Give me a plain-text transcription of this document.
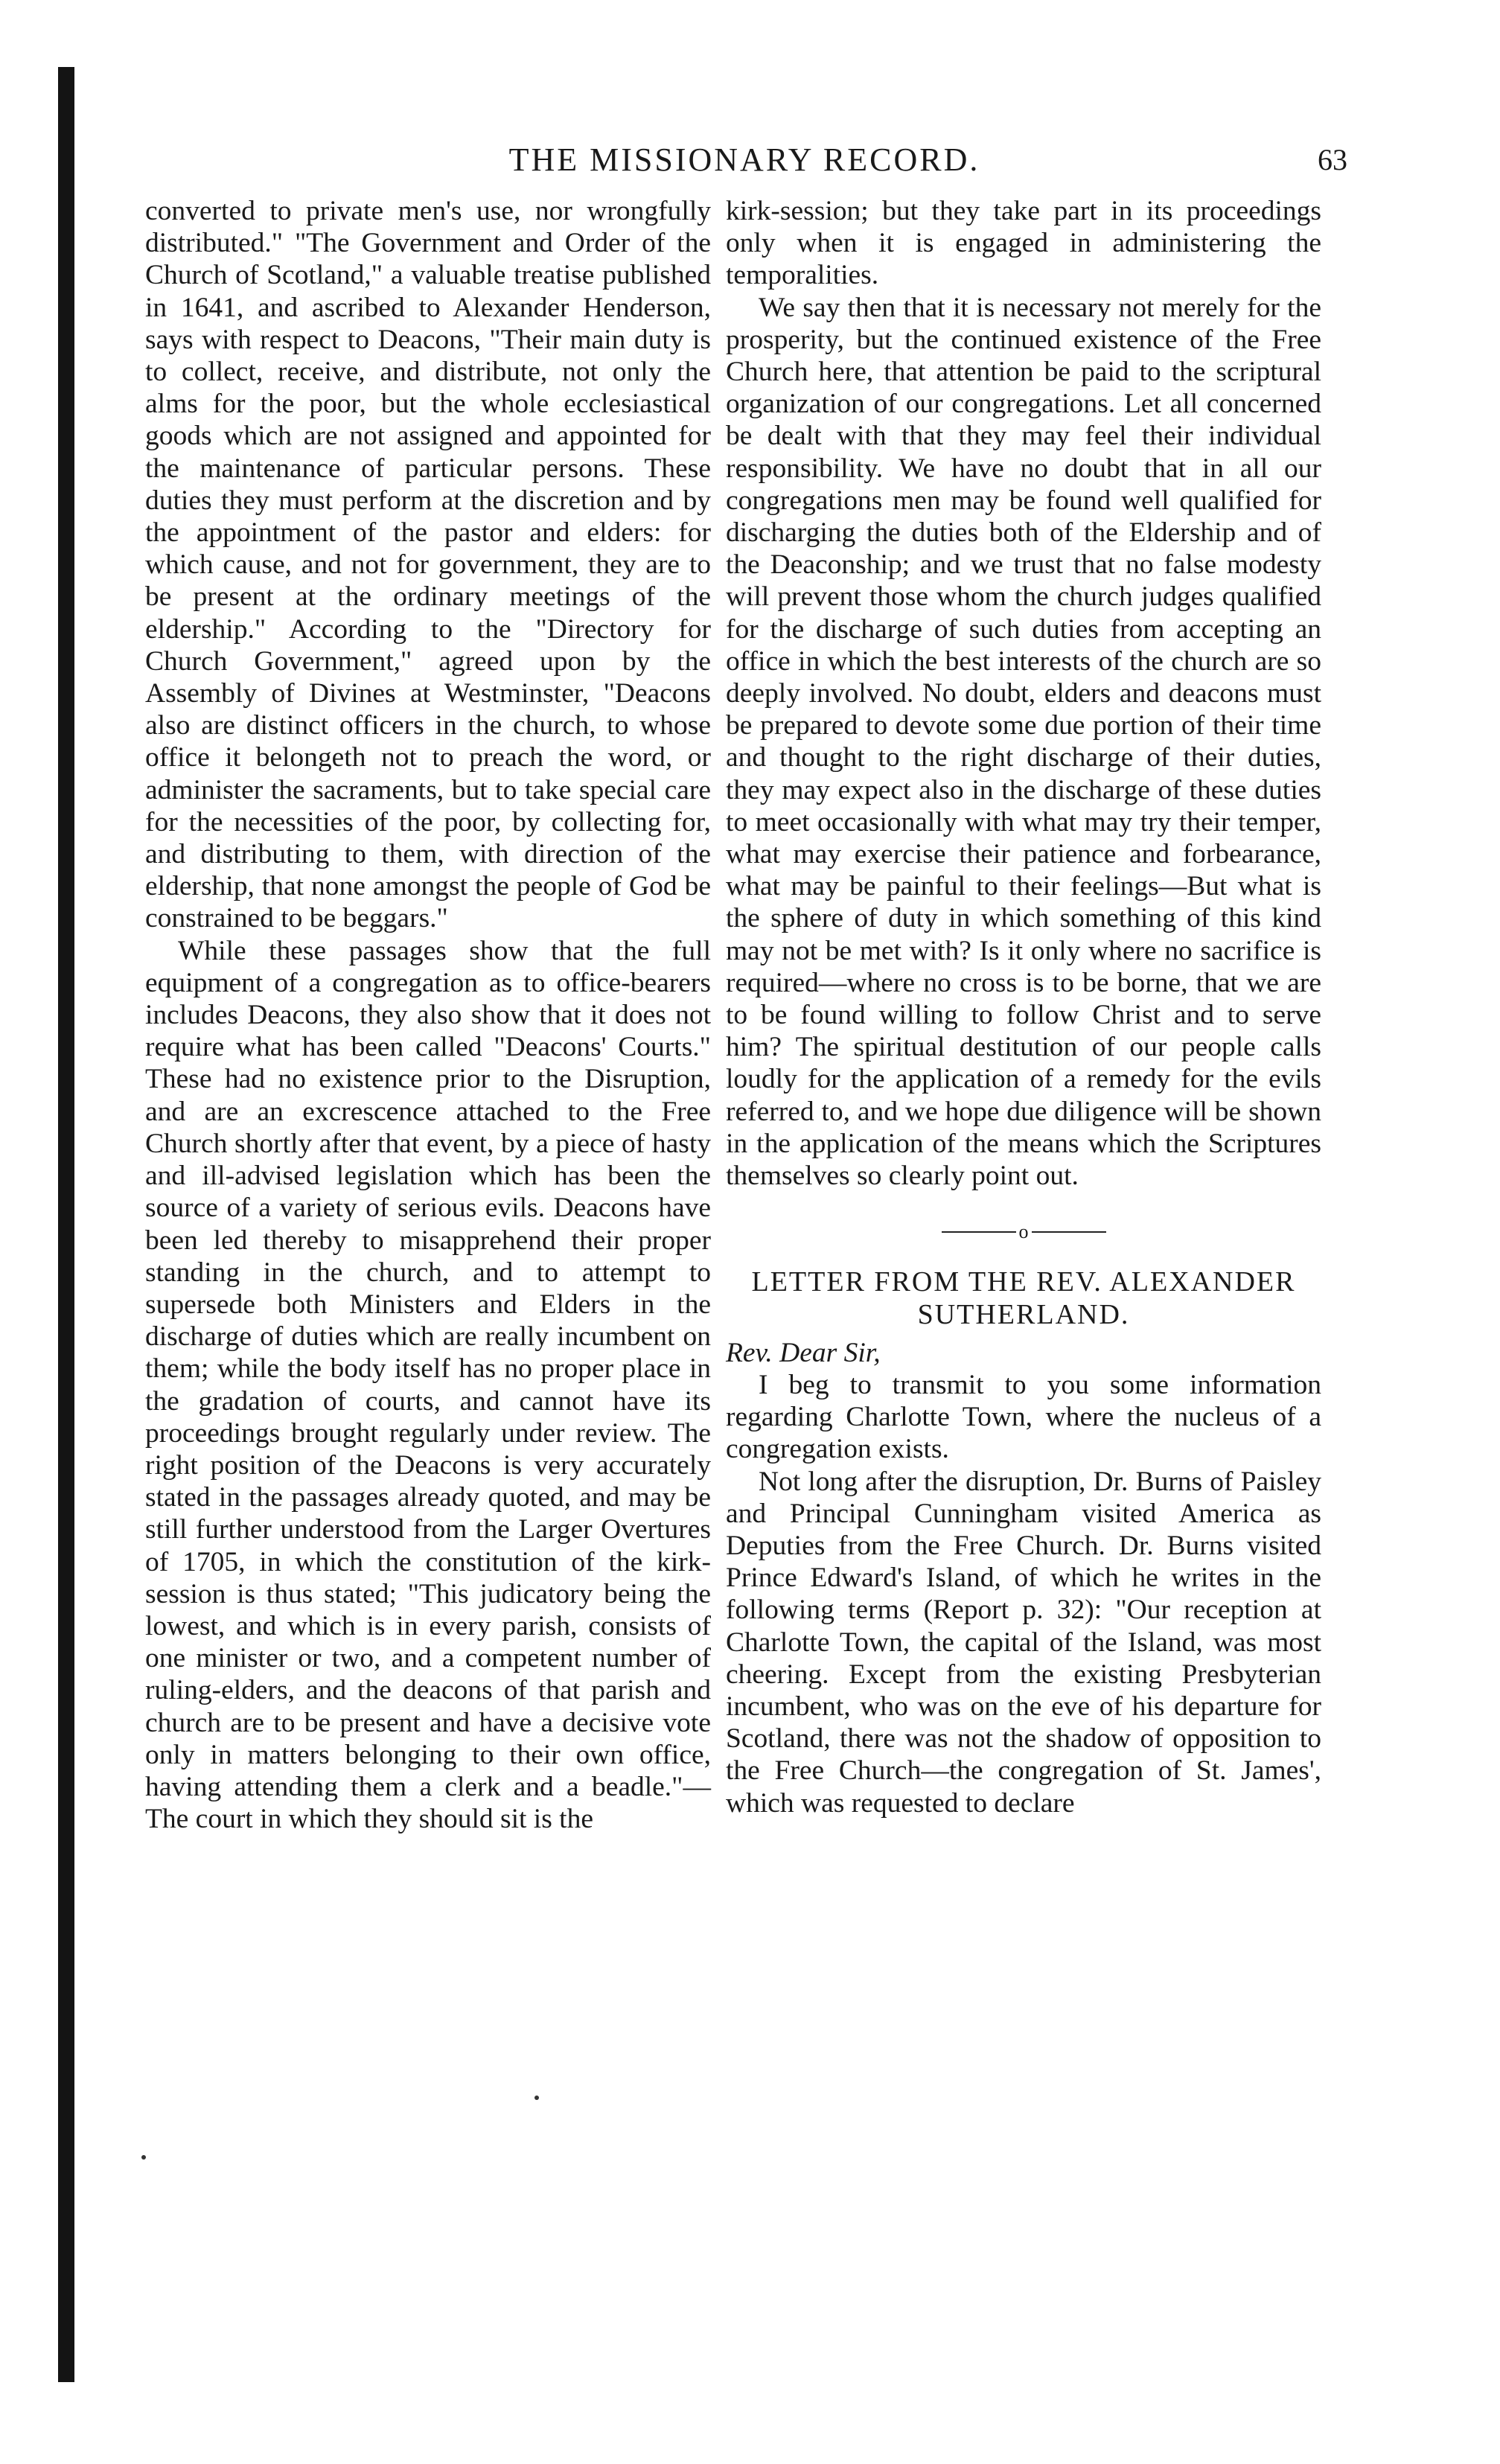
THE MISSIONARY RECORD.	63

converted to private men's use, nor wrongfully distributed." "The Government and Order of the Church of Scotland," a valuable treatise published in 1641, and ascribed to Alexander Henderson, says with respect to Deacons, "Their main duty is to collect, receive, and distribute, not only the alms for the poor, but the whole ecclesiastical goods which are not assigned and appointed for the maintenance of particular persons. These duties they must perform at the discretion and by the appointment of the pastor and elders: for which cause, and not for government, they are to be present at the ordinary meetings of the eldership." According to the "Directory for Church Government," agreed upon by the Assembly of Divines at Westminster, "Deacons also are distinct officers in the church, to whose office it belongeth not to preach the word, or administer the sacraments, but to take special care for the necessities of the poor, by collecting for, and distributing to them, with direction of the eldership, that none amongst the people of God be constrained to be beggars."

While these passages show that the full equipment of a congregation as to office-bearers includes Deacons, they also show that it does not require what has been called "Deacons' Courts." These had no existence prior to the Disruption, and are an excrescence attached to the Free Church shortly after that event, by a piece of hasty and ill-advised legislation which has been the source of a variety of serious evils. Deacons have been led thereby to misapprehend their proper standing in the church, and to attempt to supersede both Ministers and Elders in the discharge of duties which are really incumbent on them; while the body itself has no proper place in the gradation of courts, and cannot have its proceedings brought regularly under review. The right position of the Deacons is very accurately stated in the passages already quoted, and may be still further understood from the Larger Overtures of 1705, in which the constitution of the kirk-session is thus stated; "This judicatory being the lowest, and which is in every parish, consists of one minister or two, and a competent number of ruling-elders, and the deacons of that parish and church are to be present and have a decisive vote only in matters belonging to their own office, having attending them a clerk and a beadle."—The court in which they should sit is the

kirk-session; but they take part in its proceedings only when it is engaged in administering the temporalities.

We say then that it is necessary not merely for the prosperity, but the continued existence of the Free Church here, that attention be paid to the scriptural organization of our congregations. Let all concerned be dealt with that they may feel their individual responsibility. We have no doubt that in all our congregations men may be found well qualified for discharging the duties both of the Eldership and of the Deaconship; and we trust that no false modesty will prevent those whom the church judges qualified for the discharge of such duties from accepting an office in which the best interests of the church are so deeply involved. No doubt, elders and deacons must be prepared to devote some due portion of their time and thought to the right discharge of their duties, they may expect also in the discharge of these duties to meet occasionally with what may try their temper, what may exercise their patience and forbearance, what may be painful to their feelings—But what is the sphere of duty in which something of this kind may not be met with? Is it only where no sacrifice is required—where no cross is to be borne, that we are to be found willing to follow Christ and to serve him? The spiritual destitution of our people calls loudly for the application of a remedy for the evils referred to, and we hope due diligence will be shown in the application of the means which the Scriptures themselves so clearly point out.

o
LETTER FROM THE REV. ALEXANDER SUTHERLAND.

Rev. Dear Sir,

I beg to transmit to you some information regarding Charlotte Town, where the nucleus of a congregation exists.

Not long after the disruption, Dr. Burns of Paisley and Principal Cunningham visited America as Deputies from the Free Church. Dr. Burns visited Prince Edward's Island, of which he writes in the following terms (Report p. 32): "Our reception at Charlotte Town, the capital of the Island, was most cheering. Except from the existing Presbyterian incumbent, who was on the eve of his departure for Scotland, there was not the shadow of opposition to the Free Church—the congregation of St. James', which was requested to declare
